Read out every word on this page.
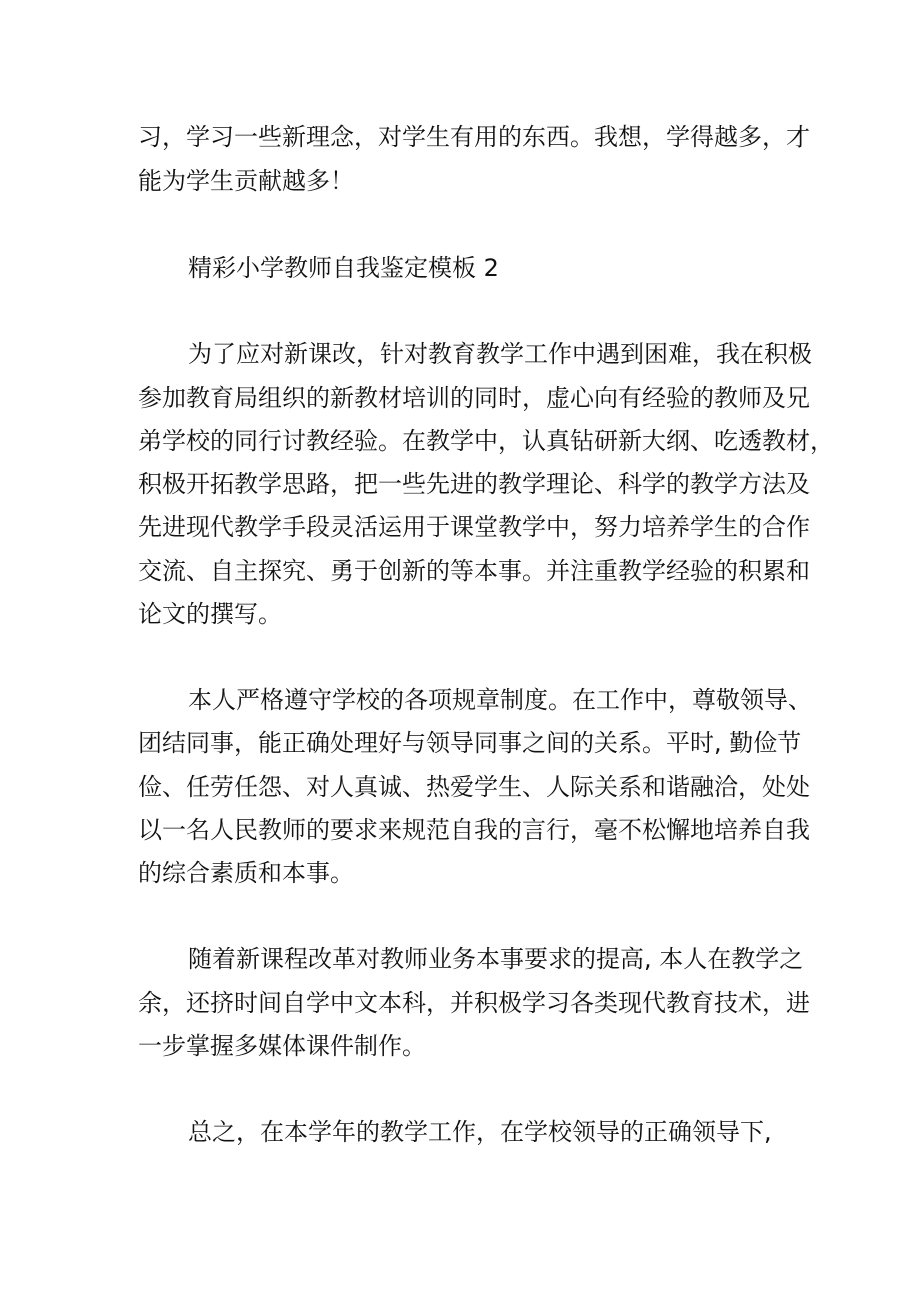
习，学习一些新理念，对学生有用的东西。我想，学得越多，才
能为学生贡献越多！
精彩小学教师自我鉴定模板 2
为了应对新课改，针对教育教学工作中遇到困难，我在积极
参加教育局组织的新教材培训的同时，虚心向有经验的教师及兄
弟学校的同行讨教经验。在教学中，认真钻研新大纲、吃透教材，
积极开拓教学思路，把一些先进的教学理论、科学的教学方法及
先进现代教学手段灵活运用于课堂教学中，努力培养学生的合作
交流、自主探究、勇于创新的等本事。并注重教学经验的积累和
论文的撰写。
本人严格遵守学校的各项规章制度。在工作中，尊敬领导、
团结同事，能正确处理好与领导同事之间的关系。平时, 勤俭节
俭、任劳任怨、对人真诚、热爱学生、人际关系和谐融洽，处处
以一名人民教师的要求来规范自我的言行，毫不松懈地培养自我
的综合素质和本事。
随着新课程改革对教师业务本事要求的提高, 本人在教学之
余，还挤时间自学中文本科，并积极学习各类现代教育技术，进
一步掌握多媒体课件制作。
总之，在本学年的教学工作，在学校领导的正确领导下,
